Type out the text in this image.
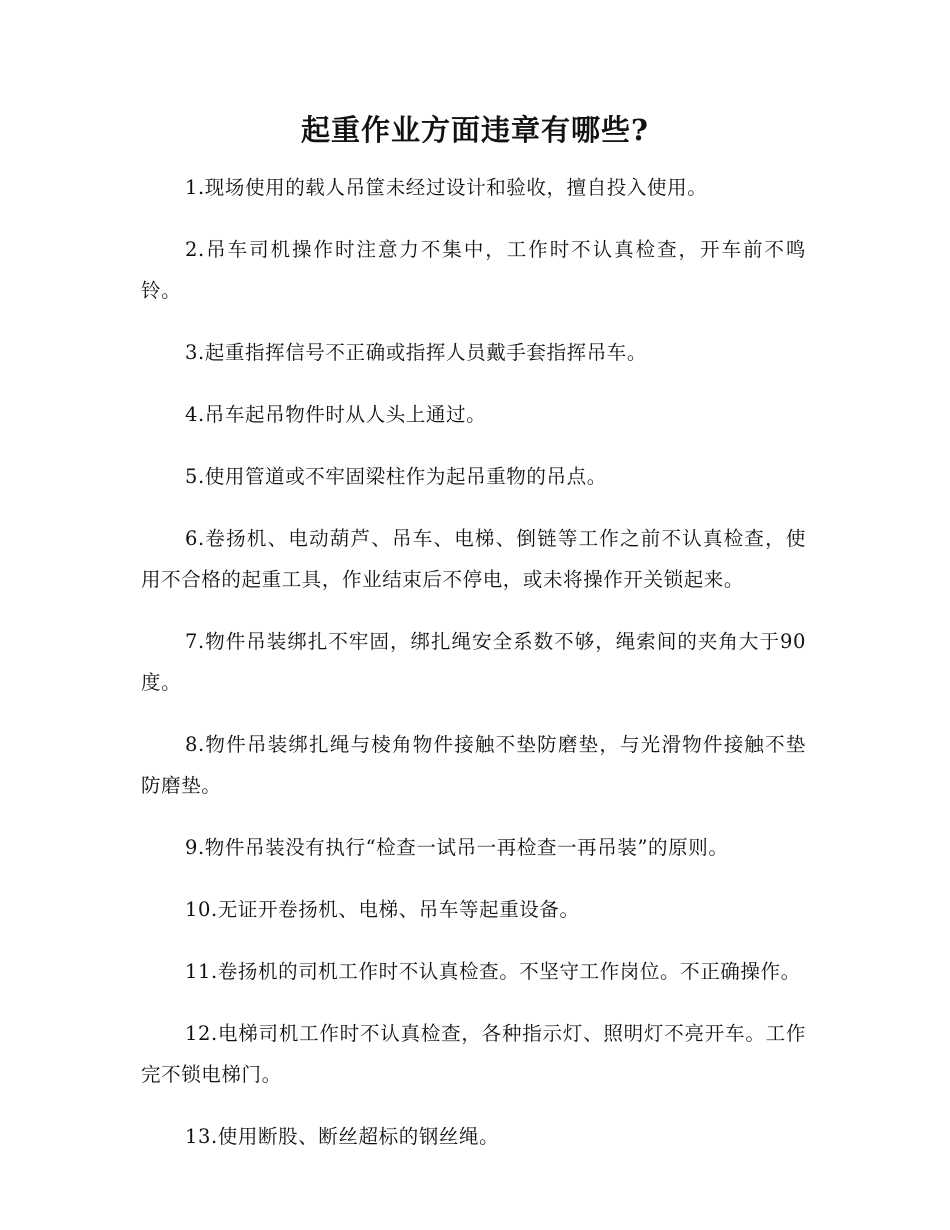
起重作业方面违章有哪些?

1.现场使用的载人吊筐未经过设计和验收，擅自投入使用。

2.吊车司机操作时注意力不集中，工作时不认真检查，开车前不鸣铃。

3.起重指挥信号不正确或指挥人员戴手套指挥吊车。

4.吊车起吊物件时从人头上通过。

5.使用管道或不牢固梁柱作为起吊重物的吊点。

6.卷扬机、电动葫芦、吊车、电梯、倒链等工作之前不认真检查，使用不合格的起重工具，作业结束后不停电，或未将操作开关锁起来。

7.物件吊装绑扎不牢固，绑扎绳安全系数不够，绳索间的夹角大于90度。

8.物件吊装绑扎绳与棱角物件接触不垫防磨垫，与光滑物件接触不垫防磨垫。

9.物件吊装没有执行“检查一试吊一再检查一再吊装”的原则。

10.无证开卷扬机、电梯、吊车等起重设备。

11.卷扬机的司机工作时不认真检查。不坚守工作岗位。不正确操作。

12.电梯司机工作时不认真检查，各种指示灯、照明灯不亮开车。工作完不锁电梯门。

13.使用断股、断丝超标的钢丝绳。
